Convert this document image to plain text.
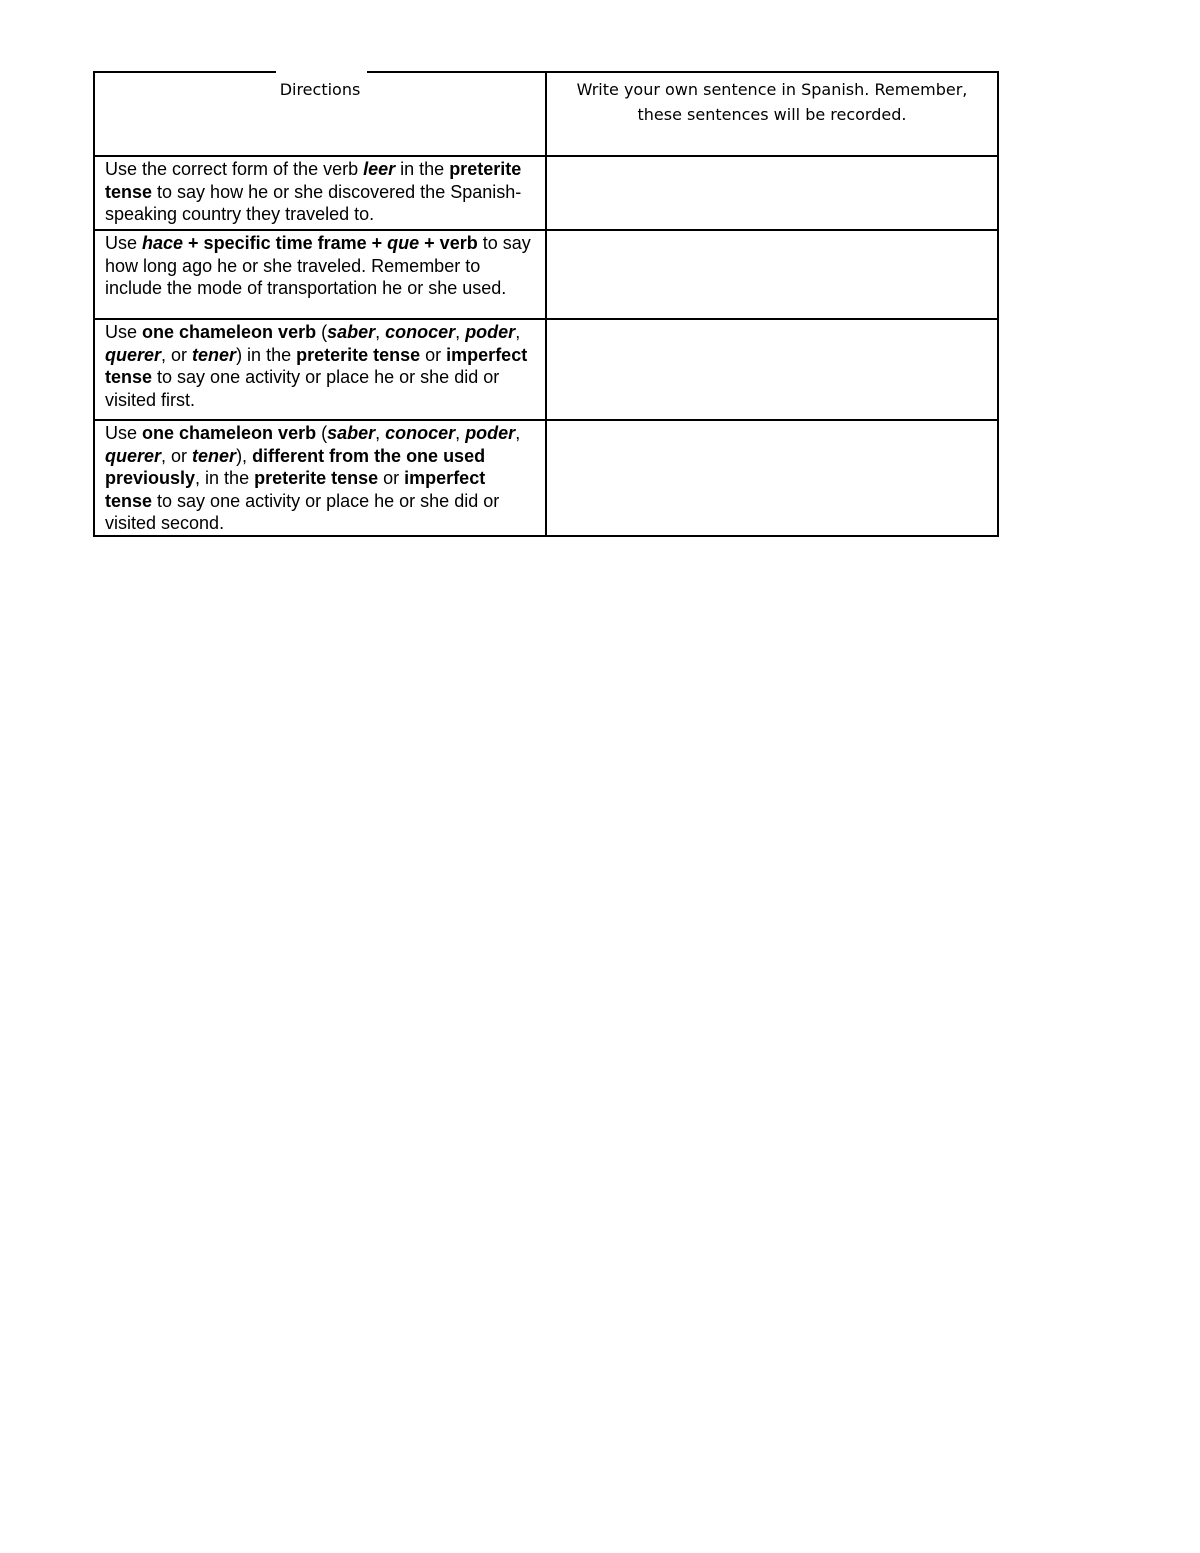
Directions	Write your own sentence in Spanish. Remember, these sentences will be recorded.
Use the correct form of the verb leer in the preterite tense to say how he or she discovered the Spanish-speaking country they traveled to.	
Use hace + specific time frame + que + verb to say how long ago he or she traveled. Remember to include the mode of transportation he or she used.	
Use one chameleon verb (saber, conocer, poder, querer, or tener) in the preterite tense or imperfect tense to say one activity or place he or she did or visited first.	
Use one chameleon verb (saber, conocer, poder, querer, or tener), different from the one used previously, in the preterite tense or imperfect tense to say one activity or place he or she did or visited second.	
